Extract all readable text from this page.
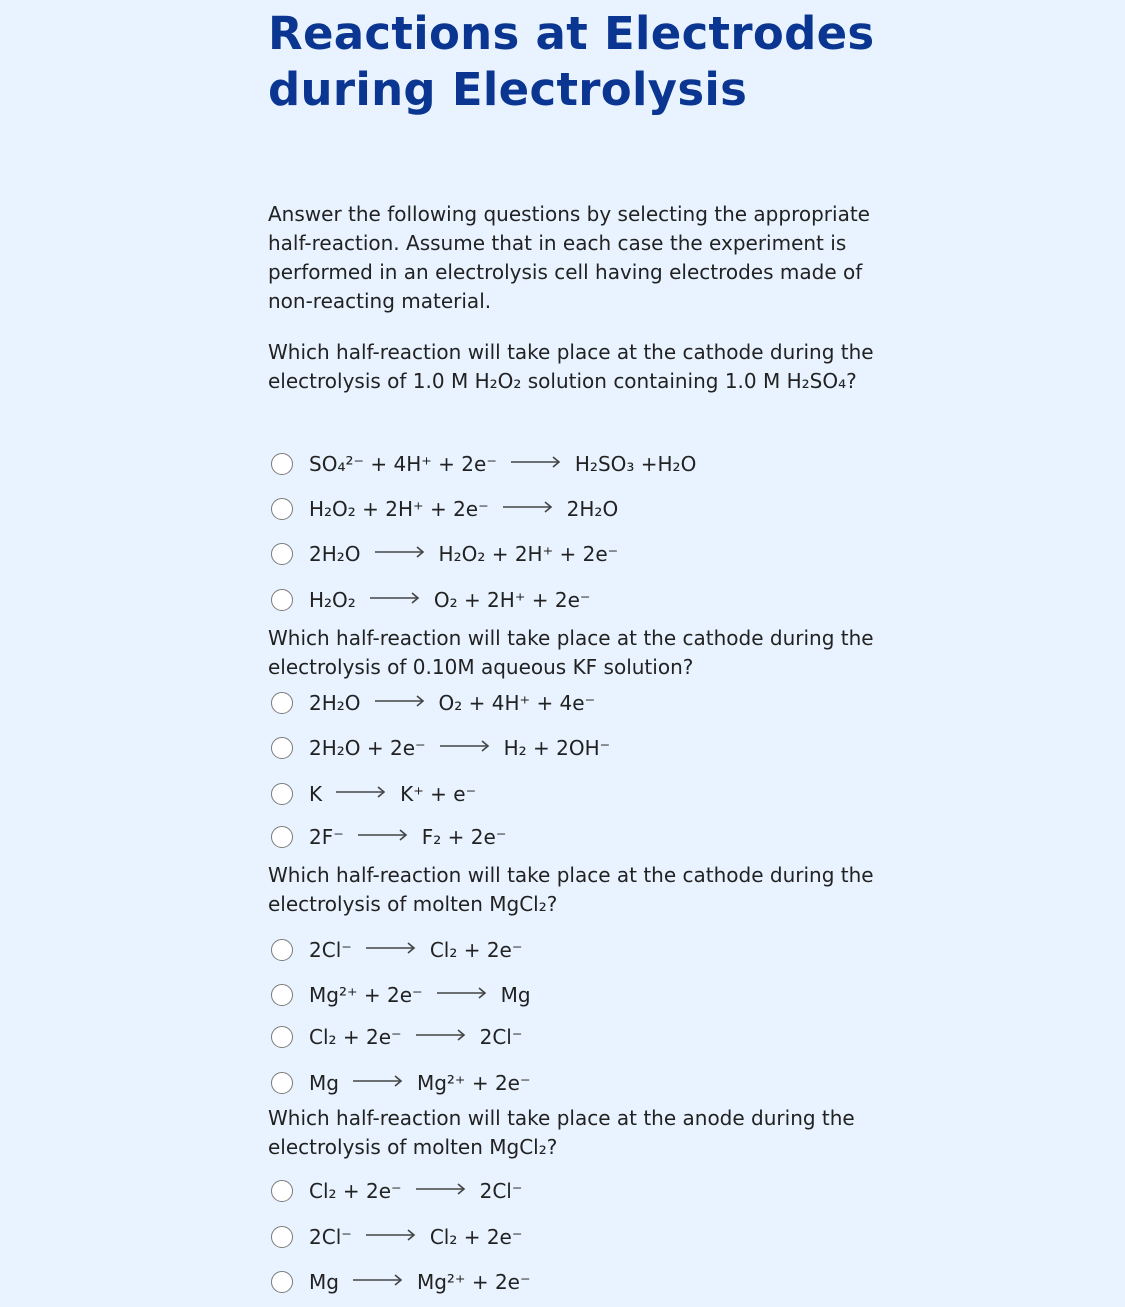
Reactions at Electrodes
during Electrolysis

Answer the following questions by selecting the appropriate half-reaction. Assume that in each case the experiment is performed in an electrolysis cell having electrodes made of non-reacting material.

Which half-reaction will take place at the cathode during the electrolysis of 1.0 M H₂O₂ solution containing 1.0 M H₂SO₄?

SO₄²⁻ + 4H⁺ + 2e⁻ → H₂SO₃ +H₂O
H₂O₂ + 2H⁺ + 2e⁻ → 2H₂O
2H₂O → H₂O₂ + 2H⁺ + 2e⁻
H₂O₂ → O₂ + 2H⁺ + 2e⁻

Which half-reaction will take place at the cathode during the electrolysis of 0.10M aqueous KF solution?

2H₂O → O₂ + 4H⁺ + 4e⁻
2H₂O + 2e⁻ → H₂ + 2OH⁻
K → K⁺ + e⁻
2F⁻ → F₂ + 2e⁻

Which half-reaction will take place at the cathode during the electrolysis of molten MgCl₂?

2Cl⁻ → Cl₂ + 2e⁻
Mg²⁺ + 2e⁻ → Mg
Cl₂ + 2e⁻ → 2Cl⁻
Mg → Mg²⁺ + 2e⁻

Which half-reaction will take place at the anode during the electrolysis of molten MgCl₂?

Cl₂ + 2e⁻ → 2Cl⁻
2Cl⁻ → Cl₂ + 2e⁻
Mg → Mg²⁺ + 2e⁻
